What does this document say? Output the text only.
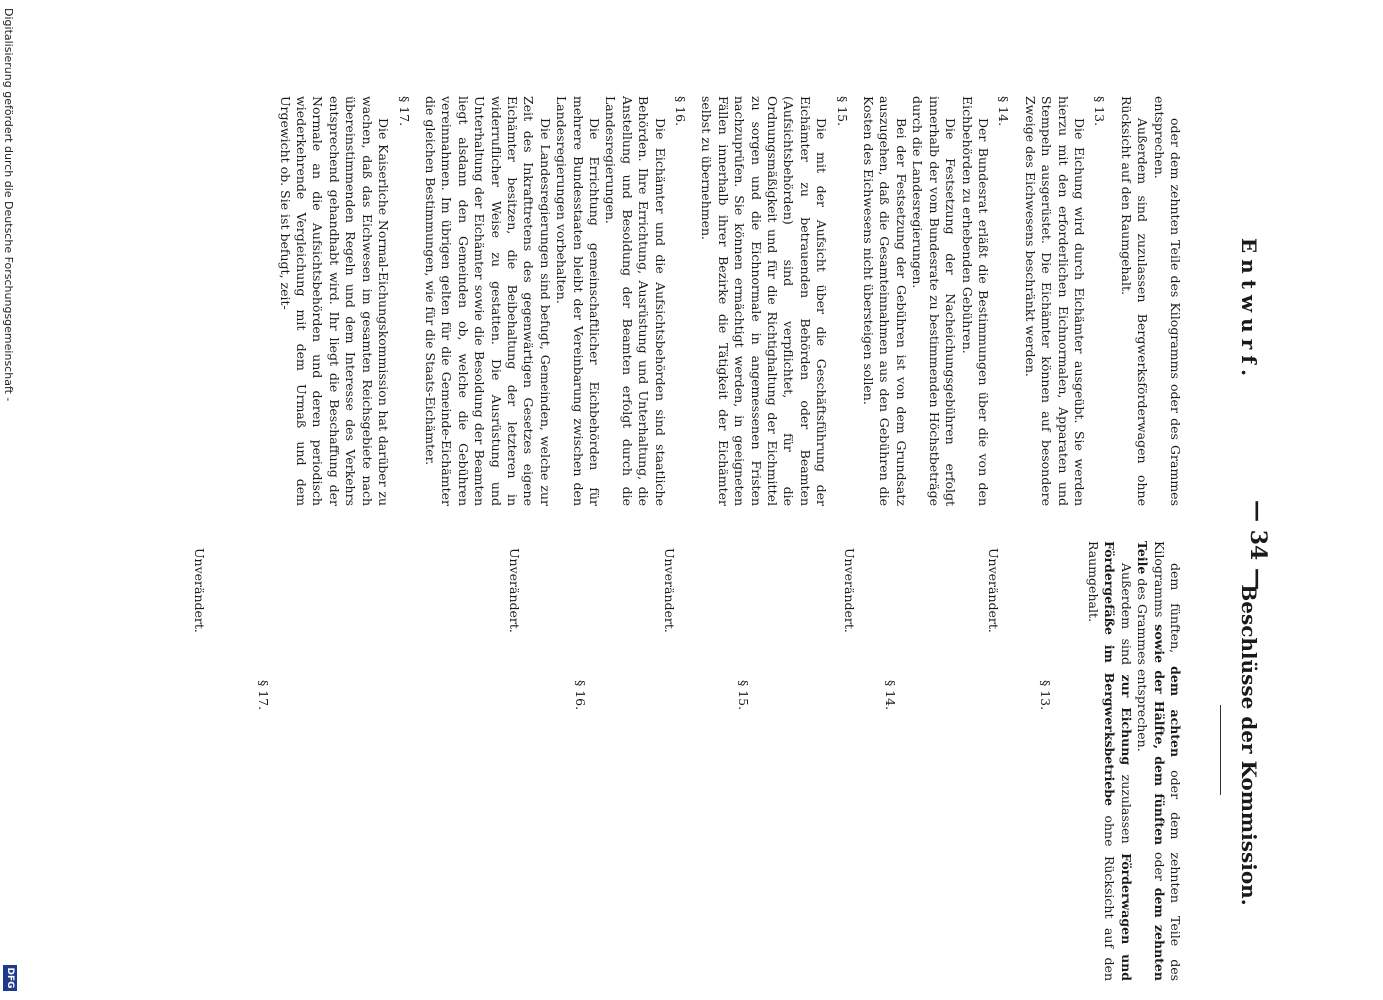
Entwurf.
— 34 —
Beschlüsse der Kommission.

oder dem zehnten Teile des Kilogramms oder des Grammes entsprechen.

Außerdem sind zuzulassen Bergwerksförderwagen ohne Rücksicht auf den Raumgehalt.

§ 13.

Die Eichung wird durch Eichämter ausgeübt. Sie werden hierzu mit den erforderlichen Eichnormalen, Apparaten und Stempeln ausgerüstet. Die Eichämter können auf besondere Zweige des Eichwesens beschränkt werden.

§ 14.

Der Bundesrat erläßt die Bestimmungen über die von den Eichbehörden zu erhebenden Gebühren.

Die Festsetzung der Nacheichungsgebühren erfolgt innerhalb der vom Bundesrate zu bestimmenden Höchstbeträge durch die Landesregierungen.

Bei der Festsetzung der Gebühren ist von dem Grundsatz auszugehen, daß die Gesamteinnahmen aus den Gebühren die Kosten des Eichwesens nicht übersteigen sollen.

§ 15.

Die mit der Aufsicht über die Geschäftsführung der Eichämter zu betrauenden Behörden oder Beamten (Aufsichtsbehörden) sind verpflichtet, für die Ordnungsmäßigkeit und für die Richtighaltung der Eichmittel zu sorgen und die Eichnormale in angemessenen Fristen nachzuprüfen. Sie können ermächtigt werden, in geeigneten Fällen innerhalb ihrer Bezirke die Tätigkeit der Eichämter selbst zu übernehmen.

§ 16.

Die Eichämter und die Aufsichtsbehörden sind staatliche Behörden. Ihre Errichtung, Ausrüstung und Unterhaltung, die Anstellung und Besoldung der Beamten erfolgt durch die Landesregierungen.

Die Errichtung gemeinschaftlicher Eichbehörden für mehrere Bundesstaaten bleibt der Vereinbarung zwischen den Landesregierungen vorbehalten.

Die Landesregierungen sind befugt, Gemeinden, welche zur Zeit des Inkrafttretens des gegenwärtigen Gesetzes eigene Eichämter besitzen, die Beibehaltung der letzteren in widerruflicher Weise zu gestatten. Die Ausrüstung und Unterhaltung der Eichämter sowie die Besoldung der Beamten liegt alsdann den Gemeinden ob, welche die Gebühren vereinnahmen. Im übrigen gelten für die Gemeinde-Eichämter die gleichen Bestimmungen, wie für die Staats-Eichämter.

§ 17.

Die Kaiserliche Normal-Eichungskommission hat darüber zu wachen, daß das Eichwesen im gesamten Reichsgebiete nach übereinstimmenden Regeln und dem Interesse des Verkehrs entsprechend gehandhabt wird. Ihr liegt die Beschaffung der Normale an die Aufsichtsbehörden und deren periodisch wiederkehrende Vergleichung mit dem Urmaß und dem Urgewicht ob. Sie ist befugt, zeit-

dem fünften, dem achten oder dem zehnten Teile des Kilogramms sowie der Hälfte, dem fünften oder dem zehnten Teile des Grammes entsprechen.

Außerdem sind zur Eichung zuzulassen Förderwagen und Fördergefäße im Bergwerksbetriebe ohne Rücksicht auf den Raumgehalt.

§ 13.
Unverändert.
§ 14.
Unverändert.
§ 15.
Unverändert.
§ 16.
Unverändert.
§ 17.
Unverändert.
Digitalisierung gefördert durch die Deutsche Forschungsgemeinschaft -
DFG
